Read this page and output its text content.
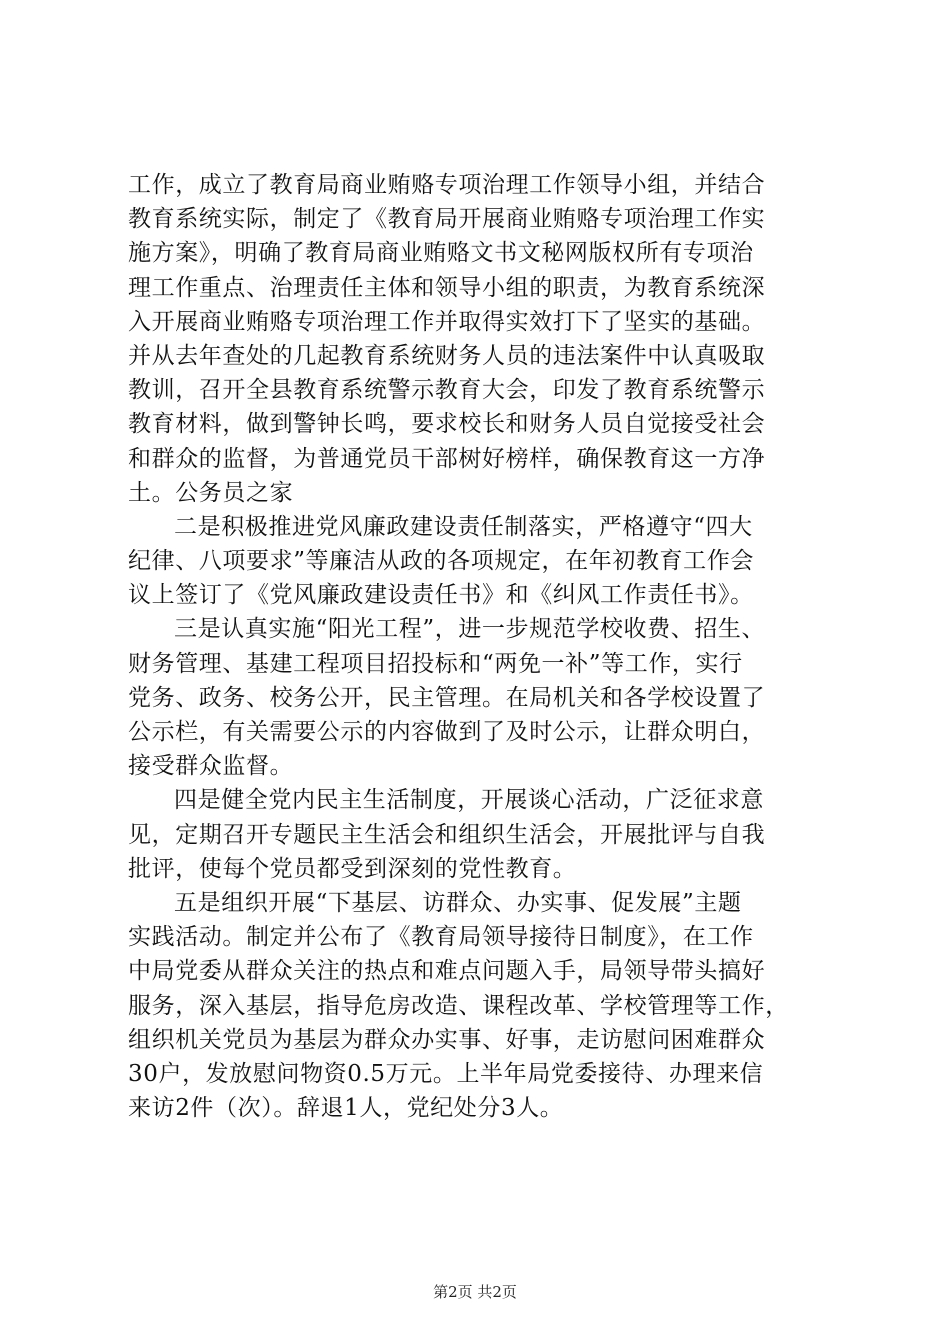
工作，成立了教育局商业贿赂专项治理工作领导小组，并结合
教育系统实际，制定了《教育局开展商业贿赂专项治理工作实
施方案》，明确了教育局商业贿赂文书文秘网版权所有专项治
理工作重点、治理责任主体和领导小组的职责，为教育系统深
入开展商业贿赂专项治理工作并取得实效打下了坚实的基础。
并从去年查处的几起教育系统财务人员的违法案件中认真吸取
教训，召开全县教育系统警示教育大会，印发了教育系统警示
教育材料，做到警钟长鸣，要求校长和财务人员自觉接受社会
和群众的监督，为普通党员干部树好榜样，确保教育这一方净
土。公务员之家
二是积极推进党风廉政建设责任制落实，严格遵守“四大
纪律、八项要求”等廉洁从政的各项规定，在年初教育工作会
议上签订了《党风廉政建设责任书》和《纠风工作责任书》。
三是认真实施“阳光工程”，进一步规范学校收费、招生、
财务管理、基建工程项目招投标和“两免一补”等工作，实行
党务、政务、校务公开，民主管理。在局机关和各学校设置了
公示栏，有关需要公示的内容做到了及时公示，让群众明白，
接受群众监督。
四是健全党内民主生活制度，开展谈心活动，广泛征求意
见，定期召开专题民主生活会和组织生活会，开展批评与自我
批评，使每个党员都受到深刻的党性教育。
五是组织开展“下基层、访群众、办实事、促发展”主题
实践活动。制定并公布了《教育局领导接待日制度》，在工作
中局党委从群众关注的热点和难点问题入手，局领导带头搞好
服务，深入基层，指导危房改造、课程改革、学校管理等工作，
组织机关党员为基层为群众办实事、好事，走访慰问困难群众
30户，发放慰问物资0.5万元。上半年局党委接待、办理来信
来访2件（次）。辞退1人，党纪处分3人。
第2页 共2页
